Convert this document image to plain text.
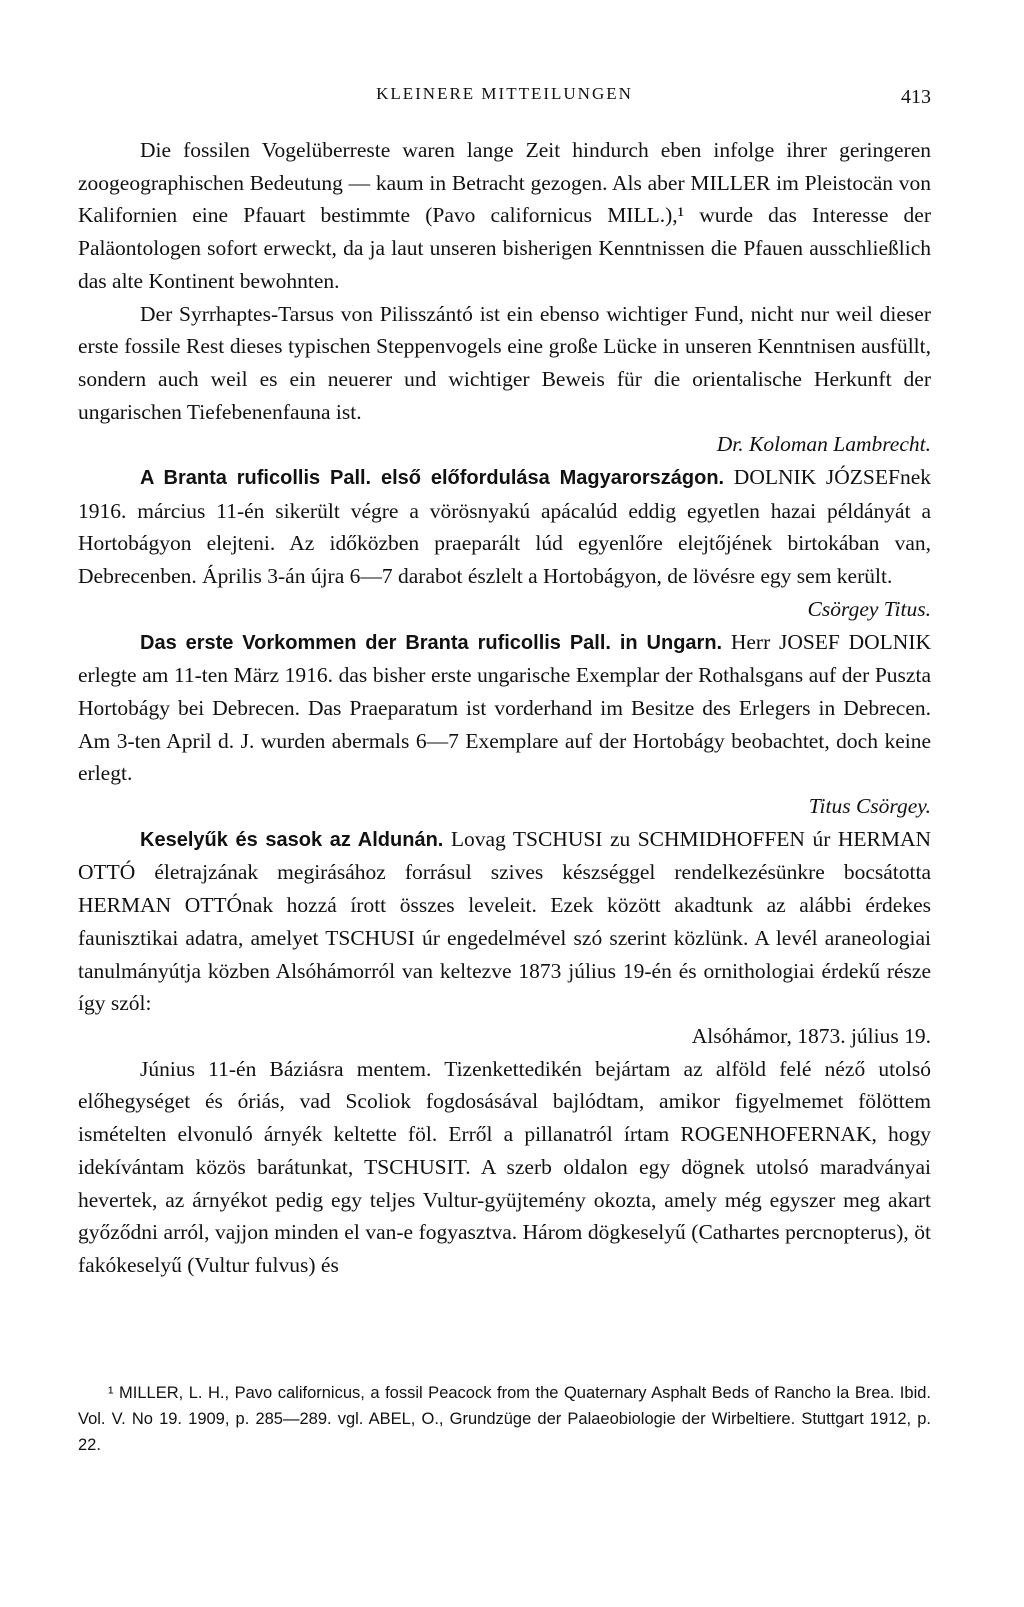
KLEINERE MITTEILUNGEN	413

Die fossilen Vogelüberreste waren lange Zeit hindurch eben infolge ihrer geringeren zoogeographischen Bedeutung — kaum in Betracht gezogen. Als aber MILLER im Pleistocän von Kalifornien eine Pfauart bestimmte (Pavo californicus MILL.),¹ wurde das Interesse der Paläontologen sofort erweckt, da ja laut unseren bisherigen Kenntnissen die Pfauen ausschließlich das alte Kontinent bewohnten.

Der Syrrhaptes-Tarsus von Pilisszántó ist ein ebenso wichtiger Fund, nicht nur weil dieser erste fossile Rest dieses typischen Steppenvogels eine große Lücke in unseren Kenntnisen ausfüllt, sondern auch weil es ein neuerer und wichtiger Beweis für die orientalische Herkunft der ungarischen Tiefebenenfauna ist.
Dr. Koloman Lambrecht.

A Branta ruficollis Pall. első előfordulása Magyarországon. DOLNIK JÓZSEFnek 1916. március 11-én sikerült végre a vörösnyakú apácalúd eddig egyetlen hazai példányát a Hortobágyon elejteni. Az időközben praeparált lúd egyenlőre elejtőjének birtokában van, Debrecenben. Április 3-án újra 6—7 darabot észlelt a Hortobágyon, de lövésre egy sem került.
Csörgey Titus.

Das erste Vorkommen der Branta ruficollis Pall. in Ungarn. Herr JOSEF DOLNIK erlegte am 11-ten März 1916. das bisher erste ungarische Exemplar der Rothalsgans auf der Puszta Hortobágy bei Debrecen. Das Praeparatum ist vorderhand im Besitze des Erlegers in Debrecen. Am 3-ten April d. J. wurden abermals 6—7 Exemplare auf der Hortobágy beobachtet, doch keine erlegt.
Titus Csörgey.

Keselyűk és sasok az Aldunán. Lovag TSCHUSI zu SCHMIDHOFFEN úr HERMAN OTTÓ életrajzának megirásához forrásul szives készséggel rendelkezésünkre bocsátotta HERMAN OTTÓnak hozzá írott összes leveleit. Ezek között akadtunk az alábbi érdekes faunisztikai adatra, amelyet TSCHUSI úr engedelmével szó szerint közlünk. A levél araneologiai tanulmányútja közben Alsóhámorról van keltezve 1873 július 19-én és ornithologiai érdekű része így szól:

Alsóhámor, 1873. július 19.

Június 11-én Báziásra mentem. Tizenkettedikén bejártam az alföld felé néző utolsó előhegységet és óriás, vad Scoliok fogdosásával bajlódtam, amikor figyelmemet fölöttem ismételten elvonuló árnyék keltette föl. Erről a pillanatról írtam ROGENHOFERNAK, hogy idekívántam közös barátunkat, TSCHUSIT. A szerb oldalon egy dögnek utolsó maradványai hevertek, az árnyékot pedig egy teljes Vultur-gyüjtemény okozta, amely még egyszer meg akart győződni arról, vajjon minden el van-e fogyasztva. Három dögkeselyű (Cathartes percnopterus), öt fakókeselyű (Vultur fulvus) és

¹ MILLER, L. H., Pavo californicus, a fossil Peacock from the Quaternary Asphalt Beds of Rancho la Brea. Ibid. Vol. V. No 19. 1909, p. 285—289. vgl. ABEL, O., Grundzüge der Palaeobiologie der Wirbeltiere. Stuttgart 1912, p. 22.
